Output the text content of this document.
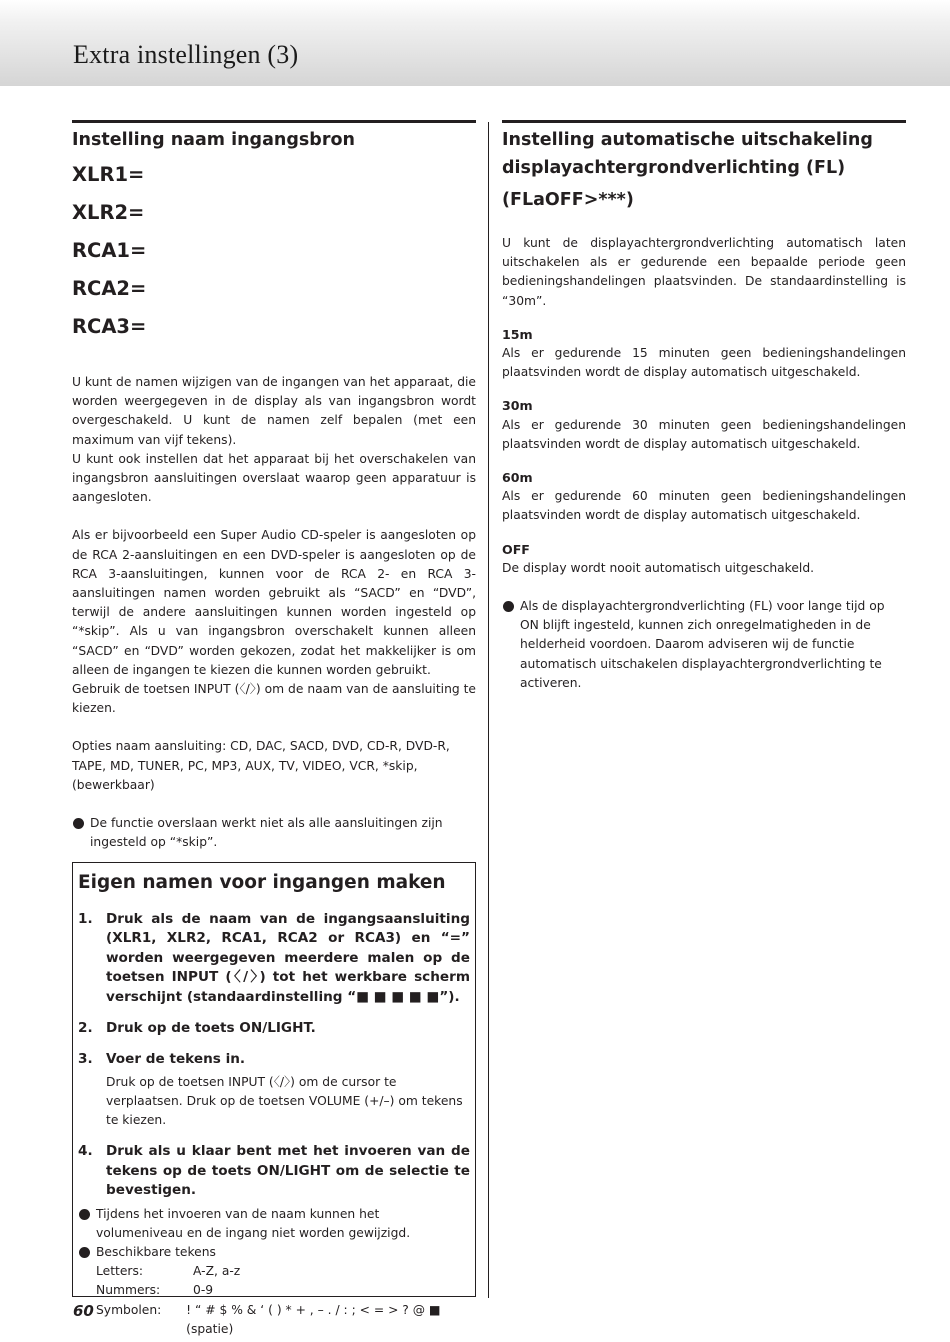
Extra instellingen (3)
Instelling naam ingangsbron
XLR1=
XLR2=
RCA1=
RCA2=
RCA3=

U kunt de namen wijzigen van de ingangen van het apparaat, die worden weergegeven in de display als van ingangsbron wordt overgeschakeld. U kunt de namen zelf bepalen (met een maximum van vijf tekens).

U kunt ook instellen dat het apparaat bij het overschakelen van ingangsbron aansluitingen overslaat waarop geen apparatuur is aangesloten.

Als er bijvoorbeeld een Super Audio CD-speler is aangesloten op de RCA 2-aansluitingen en een DVD-speler is aangesloten op de RCA 3-aansluitingen, kunnen voor de RCA 2- en RCA 3-aansluitingen namen worden gebruikt als “SACD” en “DVD”, terwijl de andere aansluitingen kunnen worden ingesteld op “*skip”. Als u van ingangsbron overschakelt kunnen alleen “SACD” en “DVD” worden gekozen, zodat het makkelijker is om alleen de ingangen te kiezen die kunnen worden gebruikt.

Gebruik de toetsen INPUT (〈/〉) om de naam van de aansluiting te kiezen.

Opties naam aansluiting: CD, DAC, SACD, DVD, CD-R, DVD-R, TAPE, MD, TUNER, PC, MP3, AUX, TV, VIDEO, VCR, *skip, (bewerkbaar)

De functie overslaan werkt niet als alle aansluitingen zijn ingesteld op “*skip”.
Eigen namen voor ingangen maken
1. Druk als de naam van de ingangsaansluiting (XLR1, XLR2, RCA1, RCA2 or RCA3) en “=” worden weergegeven meerdere malen op de toetsen INPUT (〈/〉) tot het werkbare scherm verschijnt (standaardinstelling “■ ■ ■ ■ ■”).
2. Druk op de toets ON/LIGHT.
3. Voer de tekens in.
Druk op de toetsen INPUT (〈/〉) om de cursor te verplaatsen. Druk op de toetsen VOLUME (+/–) om tekens te kiezen.
4. Druk als u klaar bent met het invoeren van de tekens op de toets ON/LIGHT om de selectie te bevestigen.
Tijdens het invoeren van de naam kunnen het volumeniveau en de ingang niet worden gewijzigd.
Beschikbare tekens
Letters:	A-Z, a-z
Nummers:	0-9
Symbolen:	! “ # $ % & ‘ ( ) * + , – . / : ; < = > ? @ ■ (spatie)
Instelling automatische uitschakeling displayachtergrondverlichting (FL)
(FLaOFF>***)

U kunt de displayachtergrondverlichting automatisch laten uitschakelen als er gedurende een bepaalde periode geen bedieningshandelingen plaatsvinden. De standaardinstelling is “30m”.

15m

Als er gedurende 15 minuten geen bedieningshandelingen plaatsvinden wordt de display automatisch uitgeschakeld.

30m

Als er gedurende 30 minuten geen bedieningshandelingen plaatsvinden wordt de display automatisch uitgeschakeld.

60m

Als er gedurende 60 minuten geen bedieningshandelingen plaatsvinden wordt de display automatisch uitgeschakeld.

OFF

De display wordt nooit automatisch uitgeschakeld.

Als de displayachtergrondverlichting (FL) voor lange tijd op ON blijft ingesteld, kunnen zich onregelmatigheden in de helderheid voordoen. Daarom adviseren wij de functie automatisch uitschakelen displayachtergrondverlichting te activeren.
60
